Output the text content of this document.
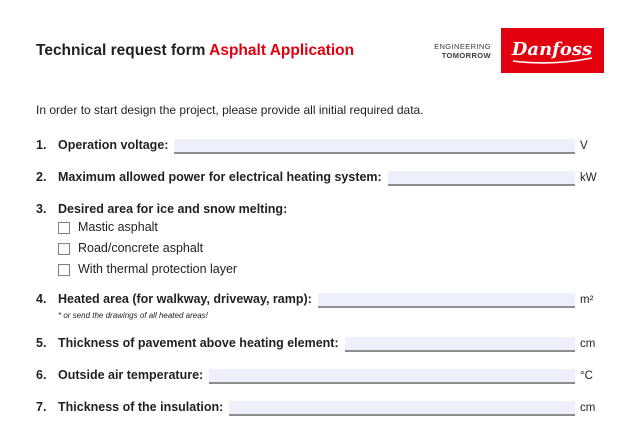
Technical request form Asphalt Application	ENGINEERING
TOMORROW Danfoss
In order to start design the project, please provide all initial required data.
1. Operation voltage:	V
2. Maximum allowed power for electrical heating system:	kW
3. Desired area for ice and snow melting:
Mastic asphalt
Road/concrete asphalt
With thermal protection layer
4. Heated area (for walkway, driveway, ramp):	m²
* or send the drawings of all heated areas!
5. Thickness of pavement above heating element:	cm
6. Outside air temperature:	°C
7. Thickness of the insulation:	cm
